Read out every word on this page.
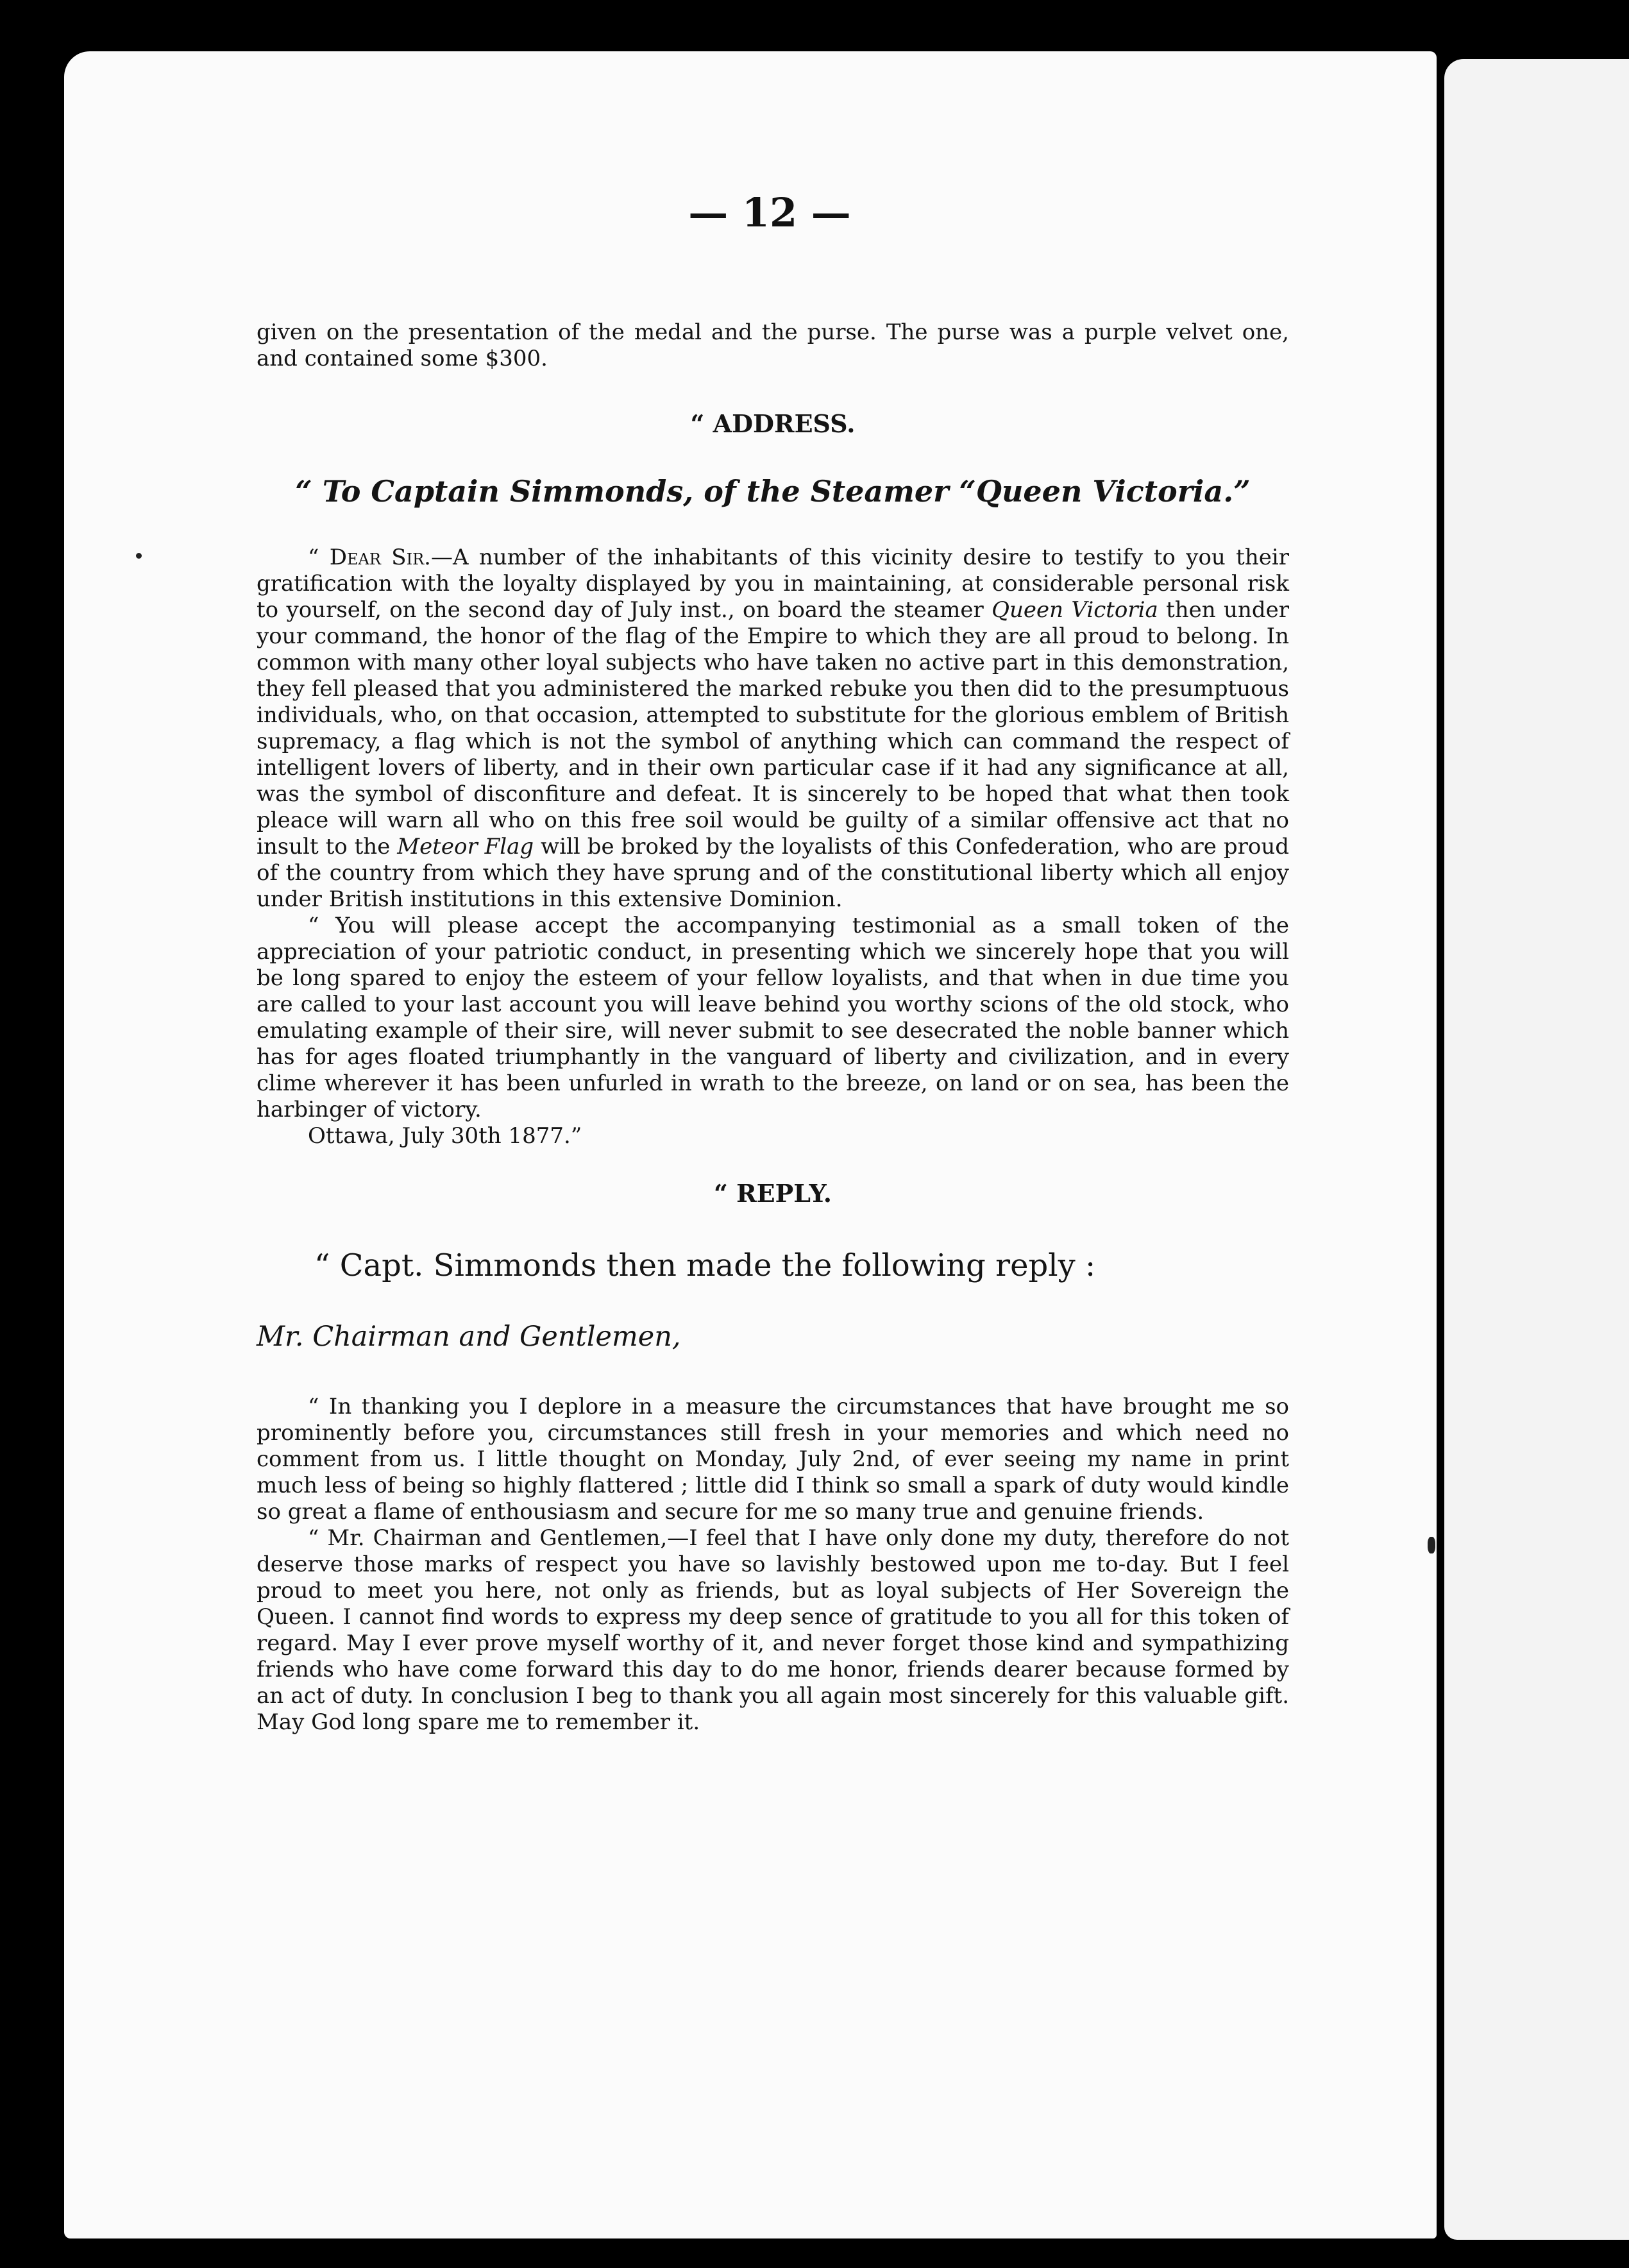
— 12 —

given on the presentation of the medal and the purse. The purse was a purple velvet one, and contained some $300.

“ ADDRESS.

“ To Captain Simmonds, of the Steamer “Queen Victoria.”

“ Dear Sir.—A number of the inhabitants of this vicinity desire to testify to you their gratification with the loyalty displayed by you in maintaining, at considerable personal risk to yourself, on the second day of July inst., on board the steamer Queen Victoria then under your command, the honor of the flag of the Empire to which they are all proud to belong. In common with many other loyal subjects who have taken no active part in this demonstration, they fell pleased that you administered the marked rebuke you then did to the presumptuous individuals, who, on that occasion, attempted to substitute for the glorious emblem of British supremacy, a flag which is not the symbol of anything which can command the respect of intelligent lovers of liberty, and in their own particular case if it had any significance at all, was the symbol of disconfiture and defeat. It is sincerely to be hoped that what then took pleace will warn all who on this free soil would be guilty of a similar offensive act that no insult to the Meteor Flag will be broked by the loyalists of this Confederation, who are proud of the country from which they have sprung and of the constitutional liberty which all enjoy under British institutions in this extensive Dominion.

“ You will please accept the accompanying testimonial as a small token of the appreciation of your patriotic conduct, in presenting which we sincerely hope that you will be long spared to enjoy the esteem of your fellow loyalists, and that when in due time you are called to your last account you will leave behind you worthy scions of the old stock, who emulating example of their sire, will never submit to see desecrated the noble banner which has for ages floated triumphantly in the vanguard of liberty and civilization, and in every clime wherever it has been unfurled in wrath to the breeze, on land or on sea, has been the harbinger of victory.

Ottawa, July 30th 1877.”

“ REPLY.

“ Capt. Simmonds then made the following reply :

Mr. Chairman and Gentlemen,

“ In thanking you I deplore in a measure the circumstances that have brought me so prominently before you, circumstances still fresh in your memories and which need no comment from us. I little thought on Monday, July 2nd, of ever seeing my name in print much less of being so highly flattered ; little did I think so small a spark of duty would kindle so great a flame of enthousiasm and secure for me so many true and genuine friends.

“ Mr. Chairman and Gentlemen,—I feel that I have only done my duty, therefore do not deserve those marks of respect you have so lavishly bestowed upon me to-day. But I feel proud to meet you here, not only as friends, but as loyal subjects of Her Sovereign the Queen. I cannot find words to express my deep sence of gratitude to you all for this token of regard. May I ever prove myself worthy of it, and never forget those kind and sympathizing friends who have come forward this day to do me honor, friends dearer because formed by an act of duty. In conclusion I beg to thank you all again most sincerely for this valuable gift. May God long spare me to remember it.
